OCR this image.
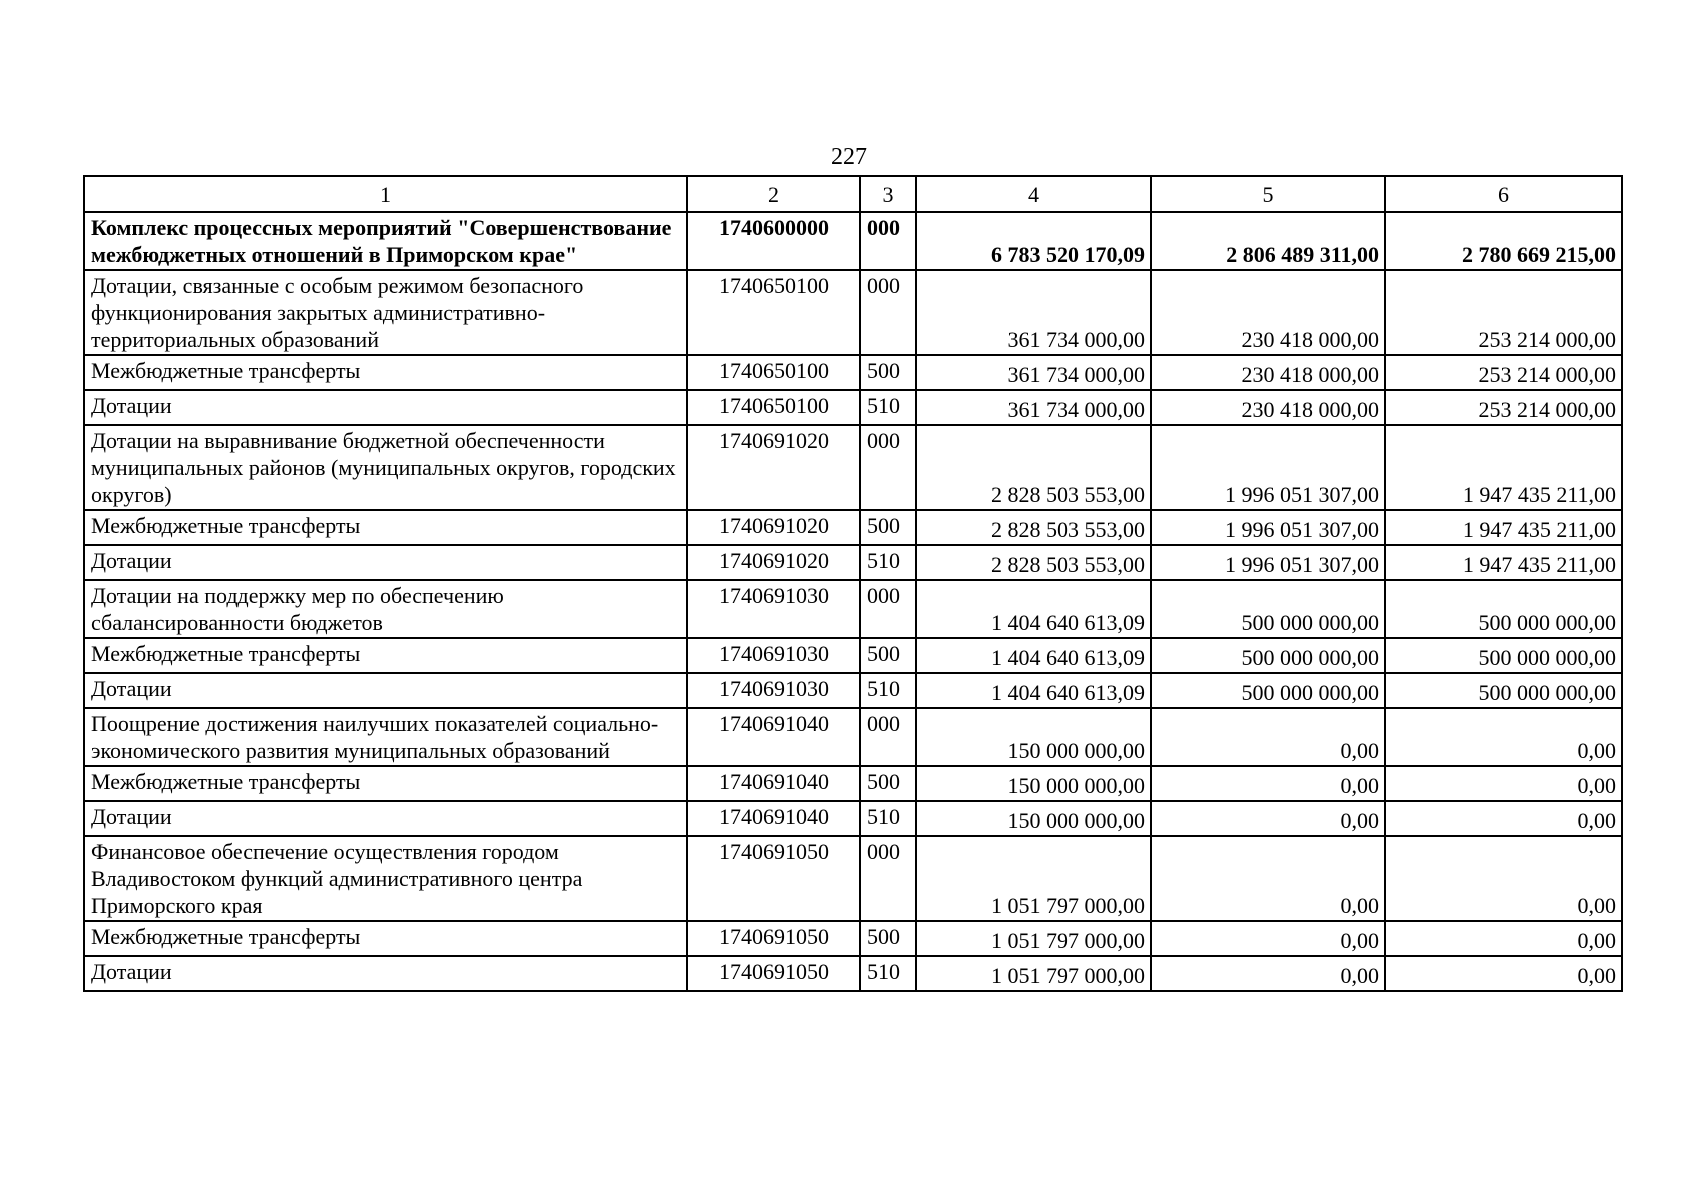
227
1	2	3	4	5	6
Комплекс процессных мероприятий "Совершенствование межбюджетных отношений в Приморском крае"	1740600000	000	6 783 520 170,09	2 806 489 311,00	2 780 669 215,00
Дотации, связанные с особым режимом безопасного функционирования закрытых административно-территориальных образований	1740650100	000	361 734 000,00	230 418 000,00	253 214 000,00
Межбюджетные трансферты	1740650100	500	361 734 000,00	230 418 000,00	253 214 000,00
Дотации	1740650100	510	361 734 000,00	230 418 000,00	253 214 000,00
Дотации на выравнивание бюджетной обеспеченности муниципальных районов (муниципальных округов, городских округов)	1740691020	000	2 828 503 553,00	1 996 051 307,00	1 947 435 211,00
Межбюджетные трансферты	1740691020	500	2 828 503 553,00	1 996 051 307,00	1 947 435 211,00
Дотации	1740691020	510	2 828 503 553,00	1 996 051 307,00	1 947 435 211,00
Дотации на поддержку мер по обеспечению сбалансированности бюджетов	1740691030	000	1 404 640 613,09	500 000 000,00	500 000 000,00
Межбюджетные трансферты	1740691030	500	1 404 640 613,09	500 000 000,00	500 000 000,00
Дотации	1740691030	510	1 404 640 613,09	500 000 000,00	500 000 000,00
Поощрение достижения наилучших показателей социально-экономического развития муниципальных образований	1740691040	000	150 000 000,00	0,00	0,00
Межбюджетные трансферты	1740691040	500	150 000 000,00	0,00	0,00
Дотации	1740691040	510	150 000 000,00	0,00	0,00
Финансовое обеспечение осуществления городом Владивостоком функций административного центра Приморского края	1740691050	000	1 051 797 000,00	0,00	0,00
Межбюджетные трансферты	1740691050	500	1 051 797 000,00	0,00	0,00
Дотации	1740691050	510	1 051 797 000,00	0,00	0,00
